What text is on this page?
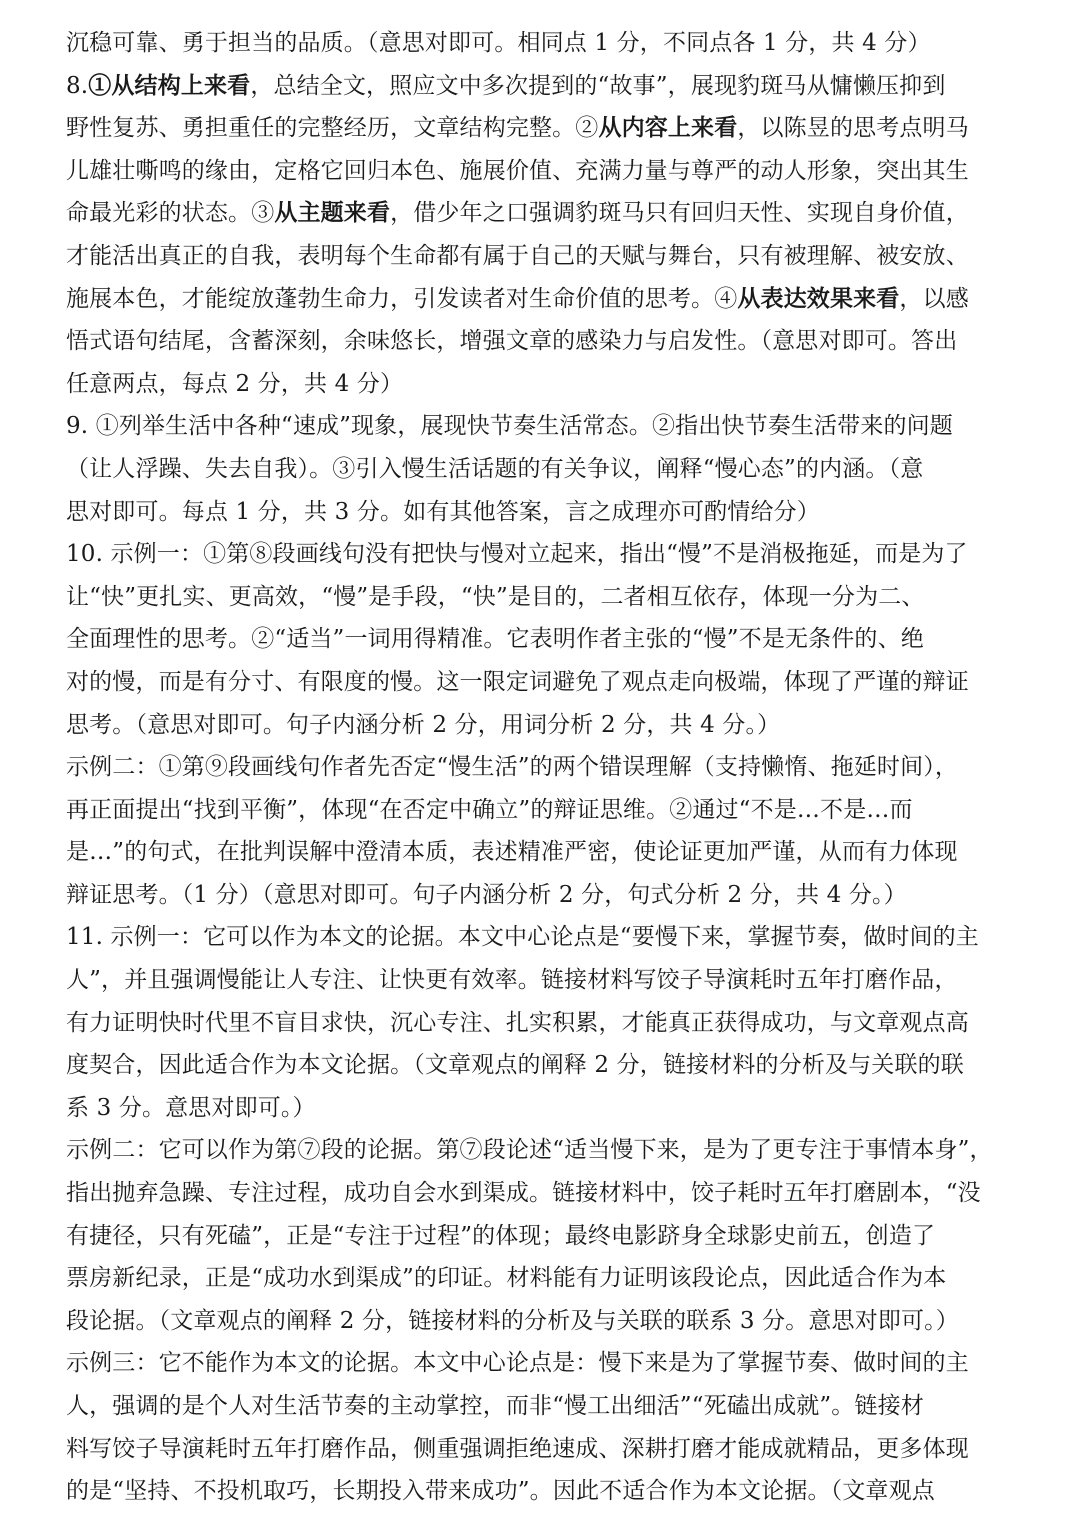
沉稳可靠、勇于担当的品质。（意思对即可。相同点 1 分，不同点各 1 分，共 4 分）

8.①从结构上来看，总结全文，照应文中多次提到的“故事”，展现豹斑马从慵懒压抑到

野性复苏、勇担重任的完整经历，文章结构完整。②从内容上来看，以陈昱的思考点明马

儿雄壮嘶鸣的缘由，定格它回归本色、施展价值、充满力量与尊严的动人形象，突出其生

命最光彩的状态。③从主题来看，借少年之口强调豹斑马只有回归天性、实现自身价值，

才能活出真正的自我，表明每个生命都有属于自己的天赋与舞台，只有被理解、被安放、

施展本色，才能绽放蓬勃生命力，引发读者对生命价值的思考。④从表达效果来看，以感

悟式语句结尾，含蓄深刻，余味悠长，增强文章的感染力与启发性。（意思对即可。答出

任意两点，每点 2 分，共 4 分）

9. ①列举生活中各种“速成”现象，展现快节奏生活常态。②指出快节奏生活带来的问题

（让人浮躁、失去自我）。③引入慢生活话题的有关争议，阐释“慢心态”的内涵。（意

思对即可。每点 1 分，共 3 分。如有其他答案，言之成理亦可酌情给分）

10. 示例一：①第⑧段画线句没有把快与慢对立起来，指出“慢”不是消极拖延，而是为了

让“快”更扎实、更高效，“慢”是手段，“快”是目的，二者相互依存，体现一分为二、

全面理性的思考。②“适当”一词用得精准。它表明作者主张的“慢”不是无条件的、绝

对的慢，而是有分寸、有限度的慢。这一限定词避免了观点走向极端，体现了严谨的辩证

思考。（意思对即可。句子内涵分析 2 分，用词分析 2 分，共 4 分。）

示例二：①第⑨段画线句作者先否定“慢生活”的两个错误理解（支持懒惰、拖延时间），

再正面提出“找到平衡”，体现“在否定中确立”的辩证思维。②通过“不是…不是…而

是…”的句式，在批判误解中澄清本质，表述精准严密，使论证更加严谨，从而有力体现

辩证思考。（1 分）（意思对即可。句子内涵分析 2 分，句式分析 2 分，共 4 分。）

11. 示例一：它可以作为本文的论据。本文中心论点是“要慢下来，掌握节奏，做时间的主

人”，并且强调慢能让人专注、让快更有效率。链接材料写饺子导演耗时五年打磨作品，

有力证明快时代里不盲目求快，沉心专注、扎实积累，才能真正获得成功，与文章观点高

度契合，因此适合作为本文论据。（文章观点的阐释 2 分，链接材料的分析及与关联的联

系 3 分。意思对即可。）

示例二：它可以作为第⑦段的论据。第⑦段论述“适当慢下来，是为了更专注于事情本身”，

指出抛弃急躁、专注过程，成功自会水到渠成。链接材料中，饺子耗时五年打磨剧本，“没

有捷径，只有死磕”，正是“专注于过程”的体现；最终电影跻身全球影史前五，创造了

票房新纪录，正是“成功水到渠成”的印证。材料能有力证明该段论点，因此适合作为本

段论据。（文章观点的阐释 2 分，链接材料的分析及与关联的联系 3 分。意思对即可。）

示例三：它不能作为本文的论据。本文中心论点是：慢下来是为了掌握节奏、做时间的主

人，强调的是个人对生活节奏的主动掌控，而非“慢工出细活”“死磕出成就”。链接材

料写饺子导演耗时五年打磨作品，侧重强调拒绝速成、深耕打磨才能成就精品，更多体现

的是“坚持、不投机取巧，长期投入带来成功”。因此不适合作为本文论据。（文章观点
